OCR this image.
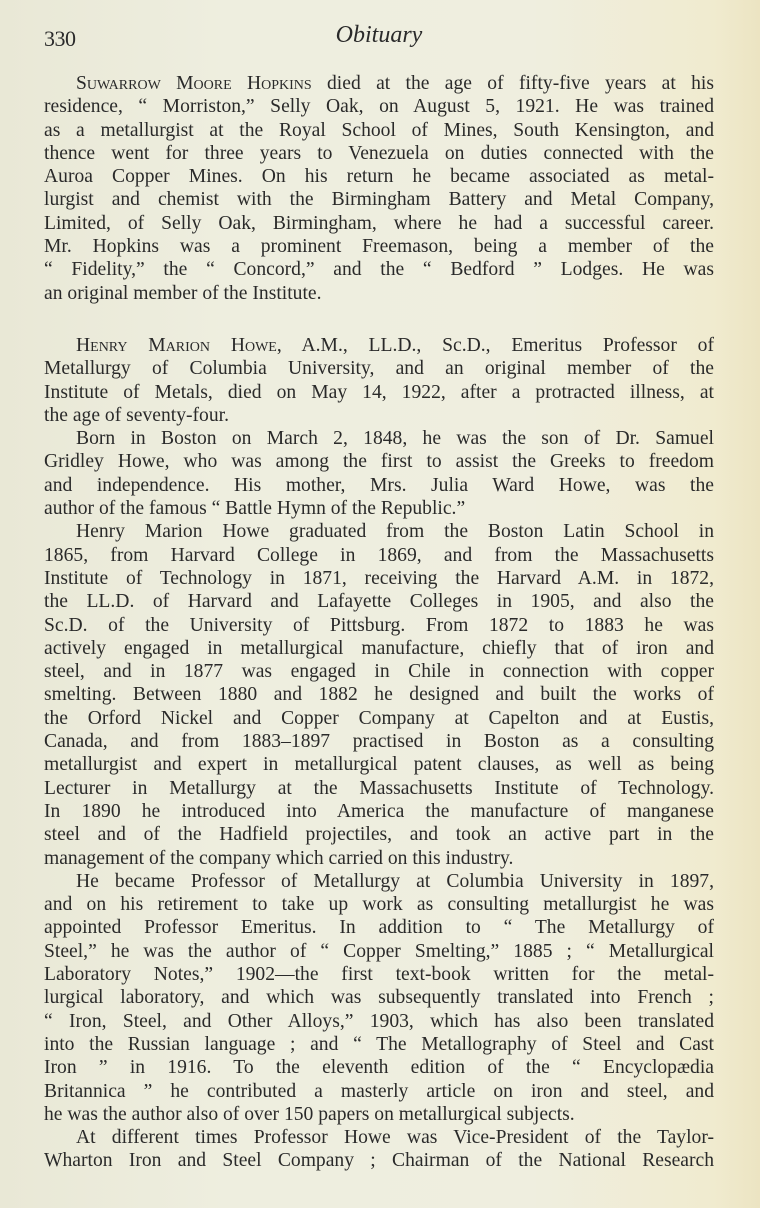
330	Obituary
Suwarrow Moore Hopkins died at the age of fifty-five years at his
residence, “ Morriston,” Selly Oak, on August 5, 1921. He was trained
as a metallurgist at the Royal School of Mines, South Kensington, and
thence went for three years to Venezuela on duties connected with the
Auroa Copper Mines. On his return he became associated as metal-
lurgist and chemist with the Birmingham Battery and Metal Company,
Limited, of Selly Oak, Birmingham, where he had a successful career.
Mr. Hopkins was a prominent Freemason, being a member of the
“ Fidelity,” the “ Concord,” and the “ Bedford ” Lodges. He was
an original member of the Institute.
Henry Marion Howe, A.M., LL.D., Sc.D., Emeritus Professor of
Metallurgy of Columbia University, and an original member of the
Institute of Metals, died on May 14, 1922, after a protracted illness, at
the age of seventy-four.
Born in Boston on March 2, 1848, he was the son of Dr. Samuel
Gridley Howe, who was among the first to assist the Greeks to freedom
and independence. His mother, Mrs. Julia Ward Howe, was the
author of the famous “ Battle Hymn of the Republic.”
Henry Marion Howe graduated from the Boston Latin School in
1865, from Harvard College in 1869, and from the Massachusetts
Institute of Technology in 1871, receiving the Harvard A.M. in 1872,
the LL.D. of Harvard and Lafayette Colleges in 1905, and also the
Sc.D. of the University of Pittsburg. From 1872 to 1883 he was
actively engaged in metallurgical manufacture, chiefly that of iron and
steel, and in 1877 was engaged in Chile in connection with copper
smelting. Between 1880 and 1882 he designed and built the works of
the Orford Nickel and Copper Company at Capelton and at Eustis,
Canada, and from 1883–1897 practised in Boston as a consulting
metallurgist and expert in metallurgical patent clauses, as well as being
Lecturer in Metallurgy at the Massachusetts Institute of Technology.
In 1890 he introduced into America the manufacture of manganese
steel and of the Hadfield projectiles, and took an active part in the
management of the company which carried on this industry.
He became Professor of Metallurgy at Columbia University in 1897,
and on his retirement to take up work as consulting metallurgist he was
appointed Professor Emeritus. In addition to “ The Metallurgy of
Steel,” he was the author of “ Copper Smelting,” 1885 ; “ Metallurgical
Laboratory Notes,” 1902—the first text-book written for the metal-
lurgical laboratory, and which was subsequently translated into French ;
“ Iron, Steel, and Other Alloys,” 1903, which has also been translated
into the Russian language ; and “ The Metallography of Steel and Cast
Iron ” in 1916. To the eleventh edition of the “ Encyclopædia
Britannica ” he contributed a masterly article on iron and steel, and
he was the author also of over 150 papers on metallurgical subjects.
At different times Professor Howe was Vice-President of the Taylor-
Wharton Iron and Steel Company ; Chairman of the National Research
